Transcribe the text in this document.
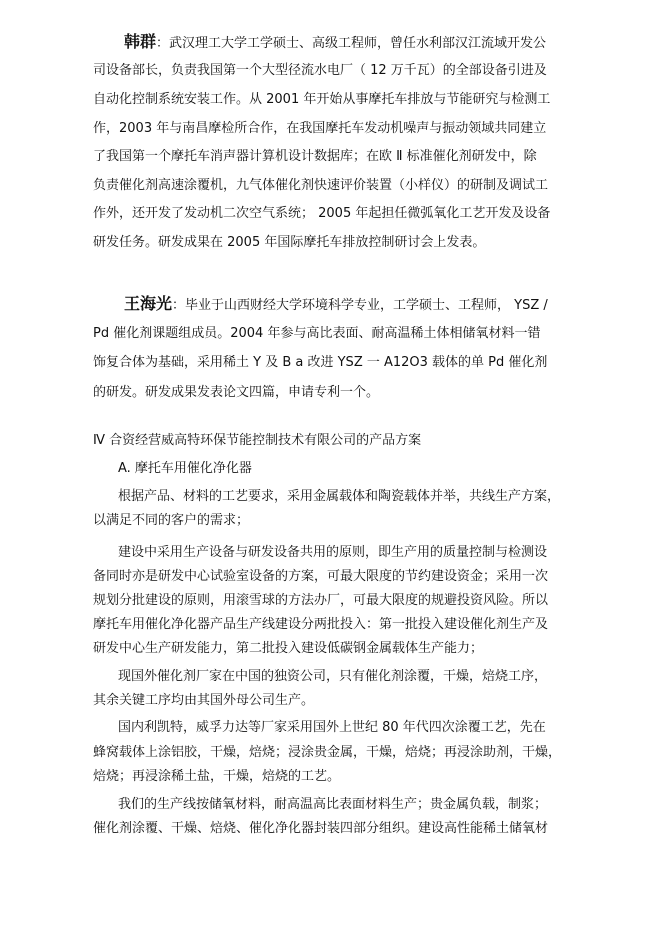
韩群：武汉理工大学工学硕士、高级工程师，曾任水利部汉江流域开发公
司设备部长，负责我国第一个大型径流水电厂（ 12 万千瓦）的全部设备引进及
自动化控制系统安装工作。从 2001 年开始从事摩托车排放与节能研究与检测工
作，2003 年与南昌摩检所合作，在我国摩托车发动机噪声与振动领域共同建立
了我国第一个摩托车消声器计算机设计数据库；在欧 Ⅱ 标准催化剂研发中，除
负责催化剂高速涂覆机，九气体催化剂快速评价装置（小样仪）的研制及调试工
作外，还开发了发动机二次空气系统； 2005 年起担任微弧氧化工艺开发及设备
研发任务。研发成果在 2005 年国际摩托车排放控制研讨会上发表。
王海光：毕业于山西财经大学环境科学专业，工学硕士、工程师， YSZ /
Pd 催化剂课题组成员。2004 年参与高比表面、耐高温稀土体相储氧材料一错
饰复合体为基础，采用稀土 Y 及 B a 改进 YSZ 一 A12O3 载体的单 Pd 催化剂
的研发。研发成果发表论文四篇，申请专利一个。
Ⅳ 合资经营威高特环保节能控制技术有限公司的产品方案
A. 摩托车用催化净化器
根据产品、材料的工艺要求，采用金属载体和陶瓷载体并举，共线生产方案，
以满足不同的客户的需求；
建设中采用生产设备与研发设备共用的原则，即生产用的质量控制与检测设
备同时亦是研发中心试验室设备的方案，可最大限度的节约建设资金；采用一次
规划分批建设的原则，用滚雪球的方法办厂，可最大限度的规避投资风险。所以
摩托车用催化净化器产品生产线建设分两批投入：第一批投入建设催化剂生产及
研发中心生产研发能力，第二批投入建设低碳钢金属载体生产能力；
现国外催化剂厂家在中国的独资公司，只有催化剂涂覆，干燥，焙烧工序，
其余关键工序均由其国外母公司生产。
国内利凯特，威孚力达等厂家采用国外上世纪 80 年代四次涂覆工艺，先在
蜂窝载体上涂铝胶，干燥，焙烧；浸涂贵金属，干燥，焙烧；再浸涂助剂，干燥，
焙烧；再浸涂稀土盐，干燥，焙烧的工艺。
我们的生产线按储氧材料，耐高温高比表面材料生产；贵金属负载，制浆；
催化剂涂覆、干燥、焙烧、催化净化器封装四部分组织。建设高性能稀土储氧材
